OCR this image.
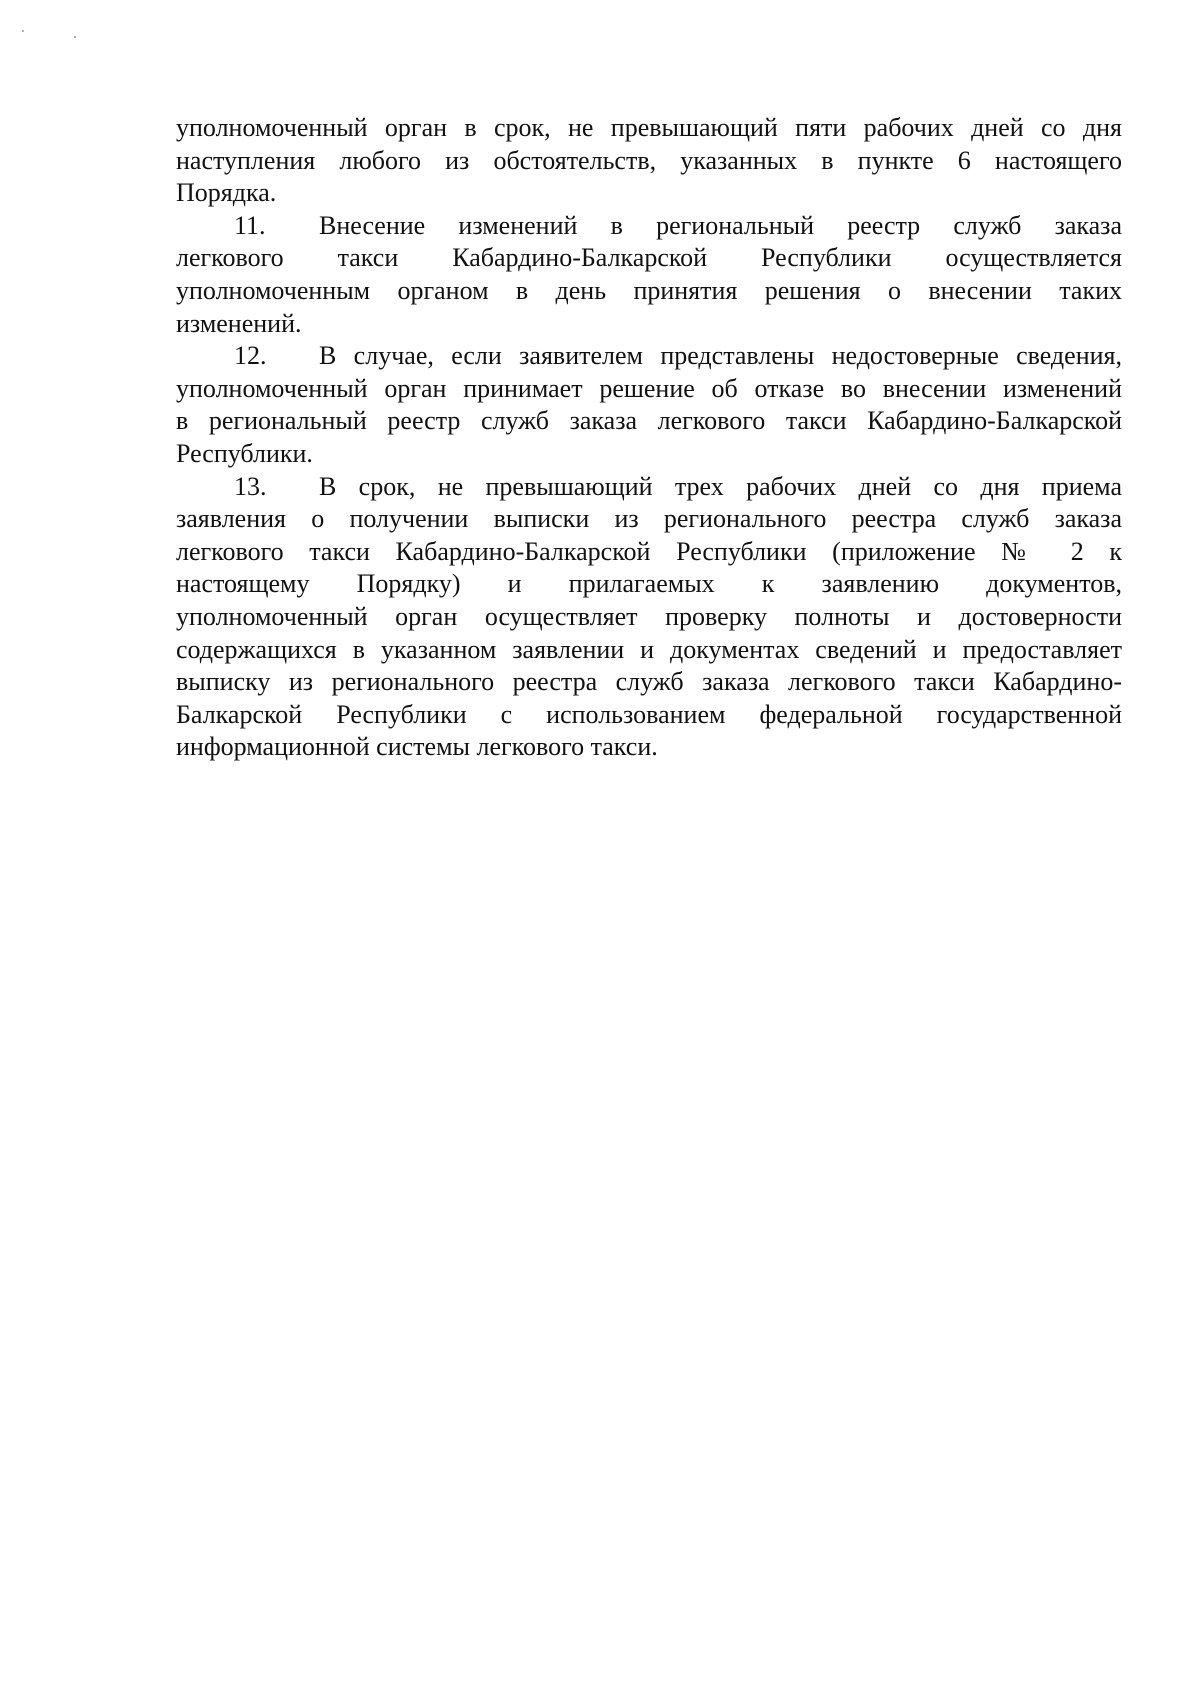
уполномоченный орган в срок, не превышающий пяти рабочих дней со дня
наступления любого из обстоятельств, указанных в пункте 6 настоящего
Порядка.
11.	Внесение изменений в региональный реестр служб заказа
легкового такси Кабардино-Балкарской Республики осуществляется
уполномоченным органом в день принятия решения о внесении таких
изменений.
12.	В случае, если заявителем представлены недостоверные сведения,
уполномоченный орган принимает решение об отказе во внесении изменений
в региональный реестр служб заказа легкового такси Кабардино-Балкарской
Республики.
13.	В срок, не превышающий трех рабочих дней со дня приема
заявления о получении выписки из регионального реестра служб заказа
легкового такси Кабардино-Балкарской Республики (приложение № 2 к
настоящему Порядку) и прилагаемых к заявлению документов,
уполномоченный орган осуществляет проверку полноты и достоверности
содержащихся в указанном заявлении и документах сведений и предоставляет
выписку из регионального реестра служб заказа легкового такси Кабардино-
Балкарской Республики с использованием федеральной государственной
информационной системы легкового такси.
